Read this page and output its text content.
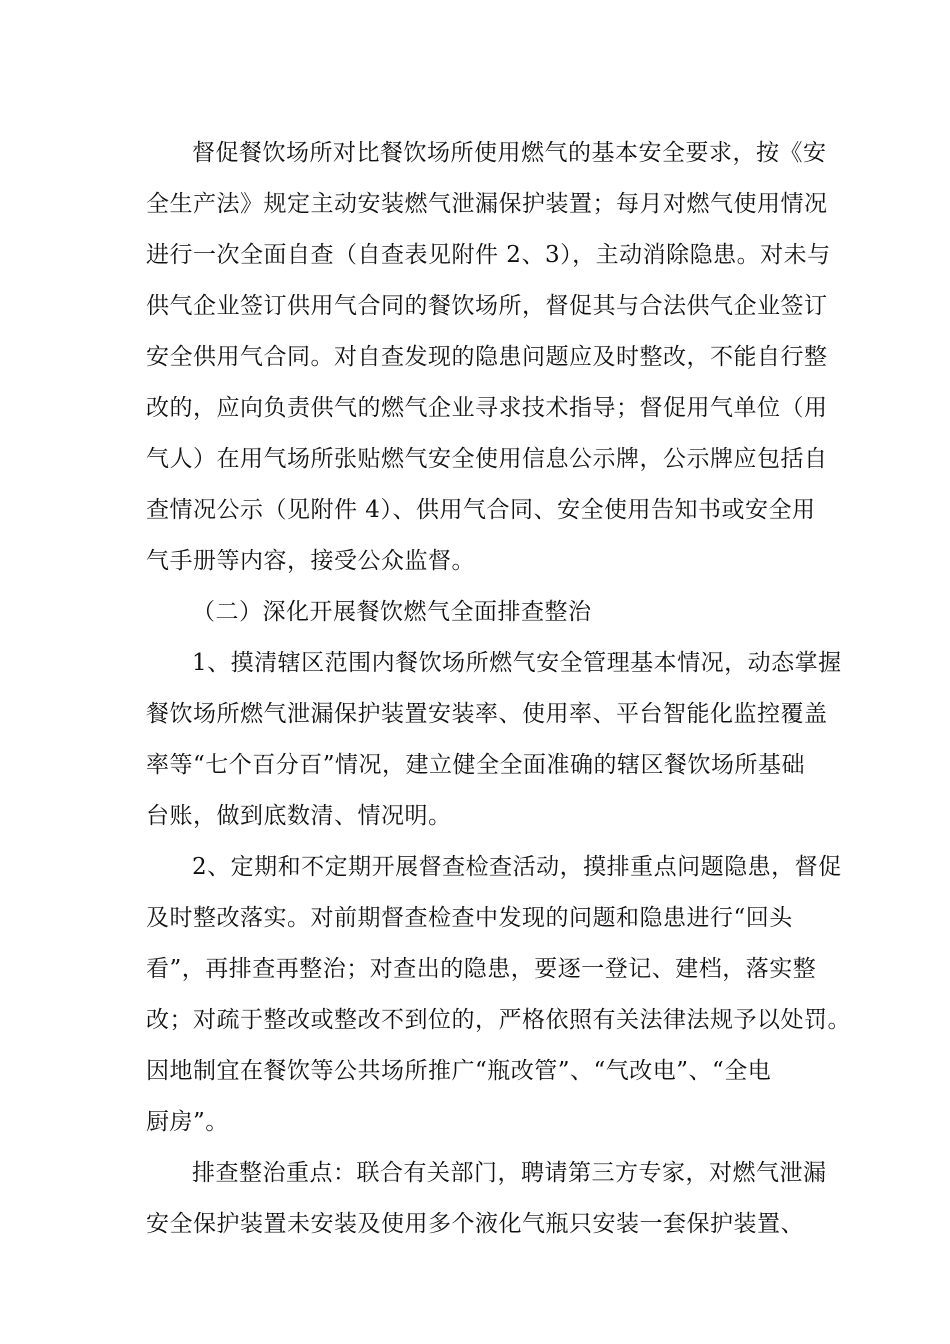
督促餐饮场所对比餐饮场所使用燃气的基本安全要求，按《安
全生产法》规定主动安装燃气泄漏保护装置；每月对燃气使用情况
进行一次全面自查（自查表见附件 2、3），主动消除隐患。对未与
供气企业签订供用气合同的餐饮场所，督促其与合法供气企业签订
安全供用气合同。对自查发现的隐患问题应及时整改，不能自行整
改的，应向负责供气的燃气企业寻求技术指导；督促用气单位（用
气人）在用气场所张贴燃气安全使用信息公示牌，公示牌应包括自
查情况公示（见附件 4）、供用气合同、安全使用告知书或安全用
气手册等内容，接受公众监督。
（二）深化开展餐饮燃气全面排查整治
1、摸清辖区范围内餐饮场所燃气安全管理基本情况，动态掌握
餐饮场所燃气泄漏保护装置安装率、使用率、平台智能化监控覆盖
率等“七个百分百”情况，建立健全全面准确的辖区餐饮场所基础
台账，做到底数清、情况明。
2、定期和不定期开展督查检查活动，摸排重点问题隐患，督促
及时整改落实。对前期督查检查中发现的问题和隐患进行“回头
看”，再排查再整治；对查出的隐患，要逐一登记、建档，落实整
改；对疏于整改或整改不到位的，严格依照有关法律法规予以处罚。
因地制宜在餐饮等公共场所推广“瓶改管”、“气改电”、“全电
厨房”。
排查整治重点：联合有关部门，聘请第三方专家，对燃气泄漏
安全保护装置未安装及使用多个液化气瓶只安装一套保护装置、
